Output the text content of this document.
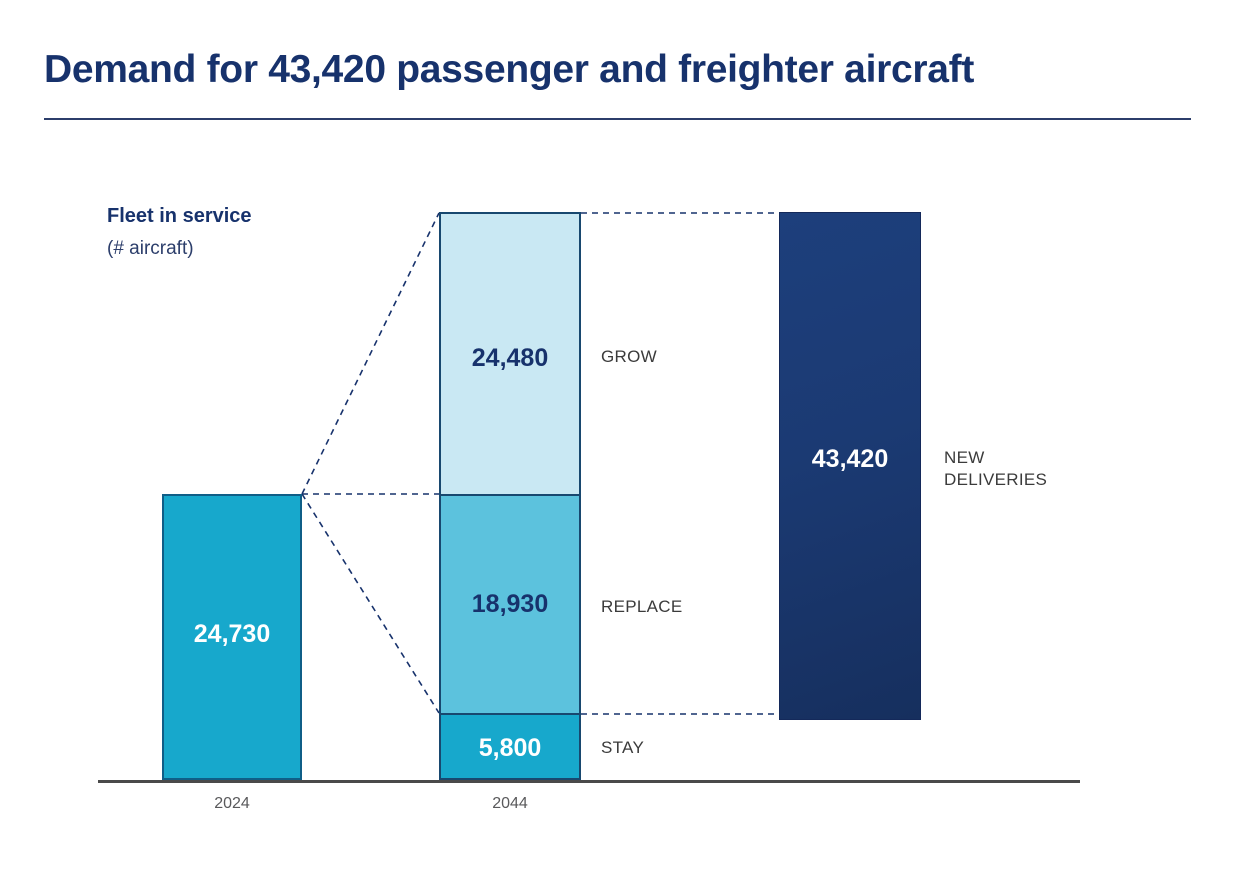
Demand for 43,420 passenger and freighter aircraft
Fleet in service
(# aircraft)
24,730
24,480
18,930
5,800
43,420
GROW
REPLACE
STAY
NEW
DELIVERIES
2024	2044
